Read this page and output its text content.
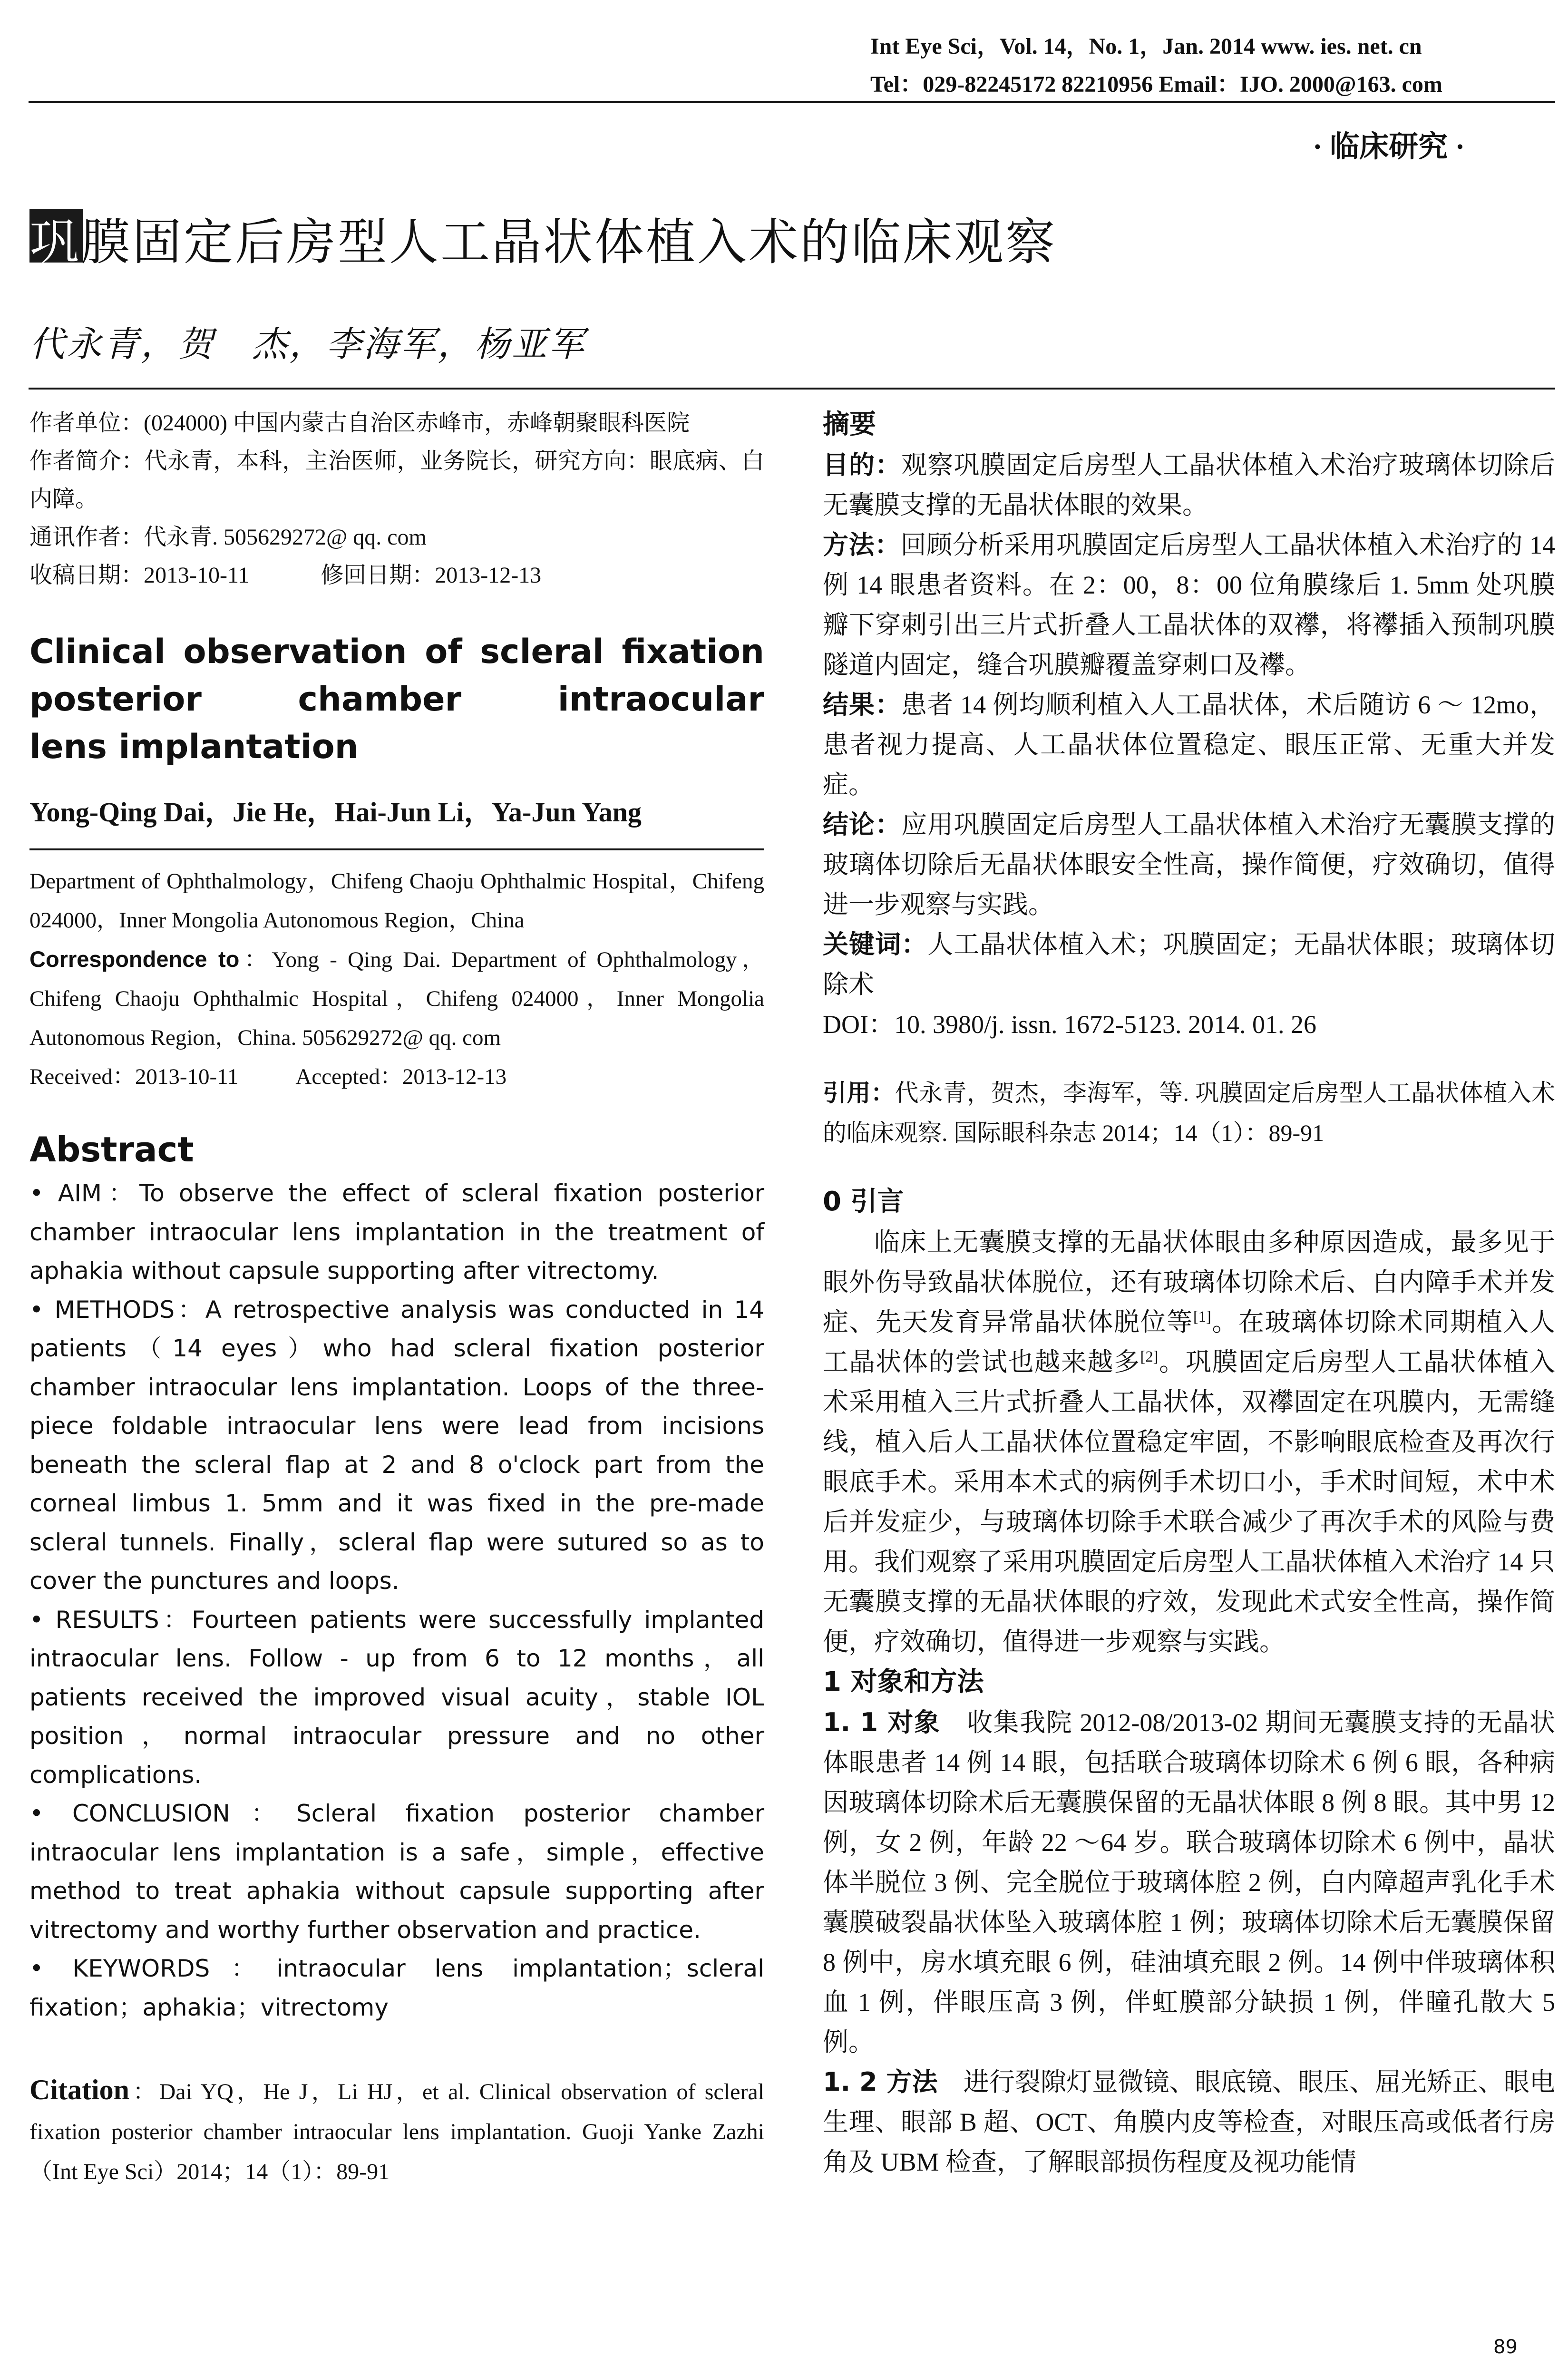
Int Eye Sci，Vol. 14，No. 1，Jan. 2014 www. ies. net. cn
Tel：029-82245172 82210956 Email：IJO. 2000@163. com
· 临床研究 ·
巩膜固定后房型人工晶状体植入术的临床观察
代永青，贺　杰，李海军，杨亚军

作者单位：(024000) 中国内蒙古自治区赤峰市，赤峰朝聚眼科医院

作者简介：代永青，本科，主治医师，业务院长，研究方向：眼底病、白内障。

通讯作者：代永青. 505629272@ qq. com

收稿日期：2013-10-11	修回日期：2013-12-13
Clinical observation of scleral fixation
posterior chamber intraocular
lens implantation
Yong-Qing Dai，Jie He，Hai-Jun Li，Ya-Jun Yang

Department of Ophthalmology，Chifeng Chaoju Ophthalmic Hospital，Chifeng 024000，Inner Mongolia Autonomous Region，China

Correspondence to：Yong - Qing Dai. Department of Ophthalmology，Chifeng Chaoju Ophthalmic Hospital，Chifeng 024000，Inner Mongolia Autonomous Region，China. 505629272@ qq. com

Received：2013-10-11	Accepted：2013-12-13
Abstract

• AIM：To observe the effect of scleral fixation posterior chamber intraocular lens implantation in the treatment of aphakia without capsule supporting after vitrectomy.

• METHODS：A retrospective analysis was conducted in 14 patients（14 eyes）who had scleral fixation posterior chamber intraocular lens implantation. Loops of the three-piece foldable intraocular lens were lead from incisions beneath the scleral flap at 2 and 8 o'clock part from the corneal limbus 1. 5mm and it was fixed in the pre-made scleral tunnels. Finally，scleral flap were sutured so as to cover the punctures and loops.

• RESULTS：Fourteen patients were successfully implanted intraocular lens. Follow - up from 6 to 12 months，all patients received the improved visual acuity，stable IOL position，normal intraocular pressure and no other complications.

• CONCLUSION：Scleral fixation posterior chamber intraocular lens implantation is a safe，simple，effective method to treat aphakia without capsule supporting after vitrectomy and worthy further observation and practice.

• KEYWORDS：intraocular lens implantation；scleral fixation；aphakia；vitrectomy

Citation：Dai YQ，He J，Li HJ，et al. Clinical observation of scleral fixation posterior chamber intraocular lens implantation. Guoji Yanke Zazhi（Int Eye Sci）2014；14（1）：89-91

摘要

目的：观察巩膜固定后房型人工晶状体植入术治疗玻璃体切除后无囊膜支撑的无晶状体眼的效果。

方法：回顾分析采用巩膜固定后房型人工晶状体植入术治疗的 14 例 14 眼患者资料。在 2：00，8：00 位角膜缘后 1. 5mm 处巩膜瓣下穿刺引出三片式折叠人工晶状体的双襻，将襻插入预制巩膜隧道内固定，缝合巩膜瓣覆盖穿刺口及襻。

结果：患者 14 例均顺利植入人工晶状体，术后随访 6 ～ 12mo，患者视力提高、人工晶状体位置稳定、眼压正常、无重大并发症。

结论：应用巩膜固定后房型人工晶状体植入术治疗无囊膜支撑的玻璃体切除后无晶状体眼安全性高，操作简便，疗效确切，值得进一步观察与实践。

关键词：人工晶状体植入术；巩膜固定；无晶状体眼；玻璃体切除术

DOI：10. 3980/j. issn. 1672-5123. 2014. 01. 26

引用：代永青，贺杰，李海军，等. 巩膜固定后房型人工晶状体植入术的临床观察. 国际眼科杂志 2014；14（1）：89-91

0 引言

临床上无囊膜支撑的无晶状体眼由多种原因造成，最多见于眼外伤导致晶状体脱位，还有玻璃体切除术后、白内障手术并发症、先天发育异常晶状体脱位等[1]。在玻璃体切除术同期植入人工晶状体的尝试也越来越多[2]。巩膜固定后房型人工晶状体植入术采用植入三片式折叠人工晶状体，双襻固定在巩膜内，无需缝线，植入后人工晶状体位置稳定牢固，不影响眼底检查及再次行眼底手术。采用本术式的病例手术切口小，手术时间短，术中术后并发症少，与玻璃体切除手术联合减少了再次手术的风险与费用。我们观察了采用巩膜固定后房型人工晶状体植入术治疗 14 只无囊膜支撑的无晶状体眼的疗效，发现此术式安全性高，操作简便，疗效确切，值得进一步观察与实践。

1 对象和方法

1. 1 对象　收集我院 2012-08/2013-02 期间无囊膜支持的无晶状体眼患者 14 例 14 眼，包括联合玻璃体切除术 6 例 6 眼，各种病因玻璃体切除术后无囊膜保留的无晶状体眼 8 例 8 眼。其中男 12 例，女 2 例，年龄 22 ～64 岁。联合玻璃体切除术 6 例中，晶状体半脱位 3 例、完全脱位于玻璃体腔 2 例，白内障超声乳化手术囊膜破裂晶状体坠入玻璃体腔 1 例；玻璃体切除术后无囊膜保留 8 例中，房水填充眼 6 例，硅油填充眼 2 例。14 例中伴玻璃体积血 1 例，伴眼压高 3 例，伴虹膜部分缺损 1 例，伴瞳孔散大 5 例。

1. 2 方法　进行裂隙灯显微镜、眼底镜、眼压、屈光矫正、眼电生理、眼部 B 超、OCT、角膜内皮等检查，对眼压高或低者行房角及 UBM 检查，了解眼部损伤程度及视功能情

89
